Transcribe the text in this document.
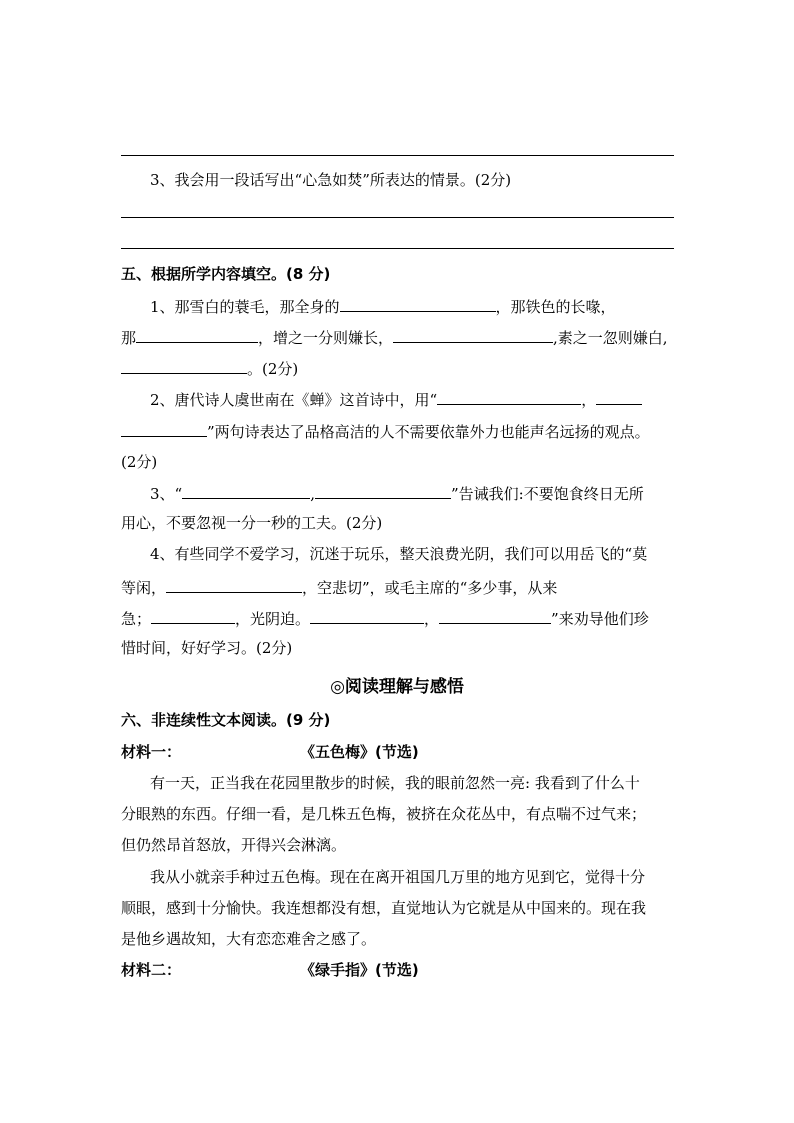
3、我会用一段话写出“心急如焚”所表达的情景。(2分)
五、根据所学内容填空。(8 分)
1、那雪白的蓑毛，那全身的	，那铁色的长喙，
那	，增之一分则嫌长，	,素之一忽则嫌白,
。(2分)
2、唐代诗人虞世南在《蝉》这首诗中，用“	，
”两句诗表达了品格高洁的人不需要依靠外力也能声名远扬的观点。
(2分)
3、“	,	”告诫我们:不要饱食终日无所
用心，不要忽视一分一秒的工夫。(2分)
4、有些同学不爱学习，沉迷于玩乐，整天浪费光阴，我们可以用岳飞的“莫
等闲，	，空悲切”，或毛主席的“多少事，从来
急；	，光阴迫。	，	”来劝导他们珍
惜时间，好好学习。(2分)
◎阅读理解与感悟
六、非连续性文本阅读。(9 分)
材料一：	《五色梅》(节选)
有一天，正当我在花园里散步的时候，我的眼前忽然一亮: 我看到了什么十
分眼熟的东西。仔细一看，是几株五色梅，被挤在众花丛中，有点喘不过气来；
但仍然昂首怒放，开得兴会淋漓。
我从小就亲手种过五色梅。现在在离开祖国几万里的地方见到它，觉得十分
顺眼，感到十分愉快。我连想都没有想，直觉地认为它就是从中国来的。现在我
是他乡遇故知，大有恋恋难舍之感了。
材料二：	《绿手指》(节选)
